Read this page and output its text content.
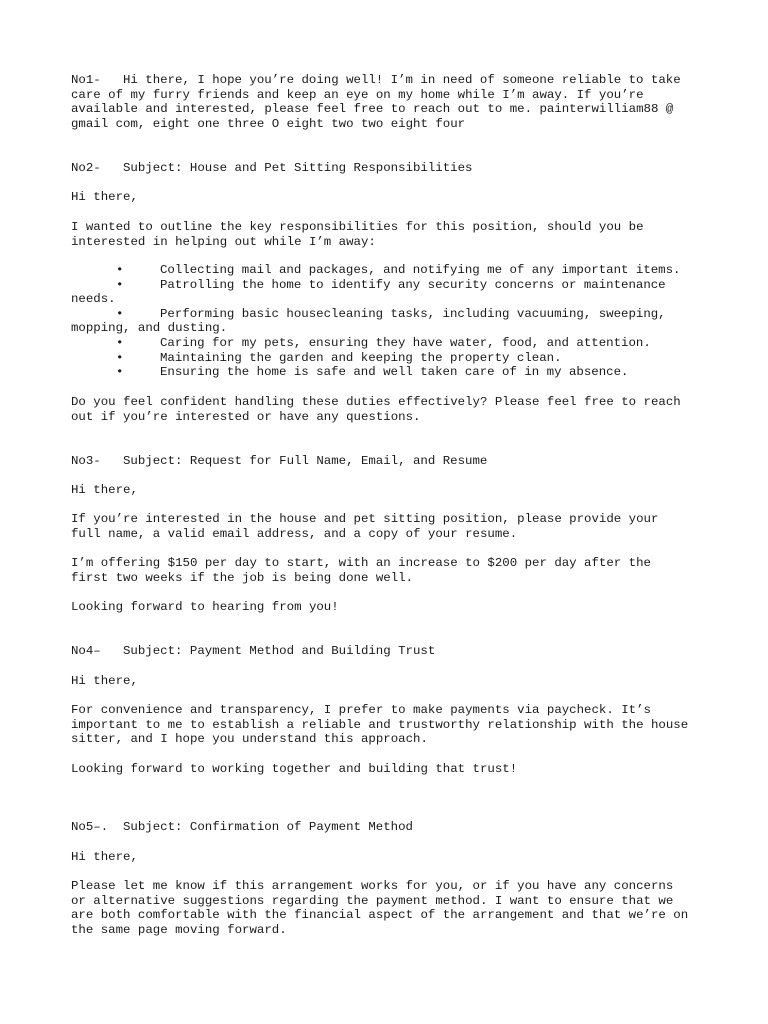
No1- Hi there, I hope you’re doing well! I’m in need of someone reliable to take
care of my furry friends and keep an eye on my home while I’m away. If you’re
available and interested, please feel free to reach out to me. painterwilliam88 @
gmail com, eight one three O eight two two eight four
No2- Subject: House and Pet Sitting Responsibilities
Hi there,
I wanted to outline the key responsibilities for this position, should you be
interested in helping out while I’m away:
•	Collecting mail and packages, and notifying me of any important items.
•	Patrolling the home to identify any security concerns or maintenance
needs.
•	Performing basic housecleaning tasks, including vacuuming, sweeping,
mopping, and dusting.
•	Caring for my pets, ensuring they have water, food, and attention.
•	Maintaining the garden and keeping the property clean.
•	Ensuring the home is safe and well taken care of in my absence.
Do you feel confident handling these duties effectively? Please feel free to reach
out if you’re interested or have any questions.
No3- Subject: Request for Full Name, Email, and Resume
Hi there,
If you’re interested in the house and pet sitting position, please provide your
full name, a valid email address, and a copy of your resume.
I’m offering $150 per day to start, with an increase to $200 per day after the
first two weeks if the job is being done well.
Looking forward to hearing from you!
No4– Subject: Payment Method and Building Trust
Hi there,
For convenience and transparency, I prefer to make payments via paycheck. It’s
important to me to establish a reliable and trustworthy relationship with the house
sitter, and I hope you understand this approach.
Looking forward to working together and building that trust!
No5–. Subject: Confirmation of Payment Method
Hi there,
Please let me know if this arrangement works for you, or if you have any concerns
or alternative suggestions regarding the payment method. I want to ensure that we
are both comfortable with the financial aspect of the arrangement and that we’re on
the same page moving forward.
